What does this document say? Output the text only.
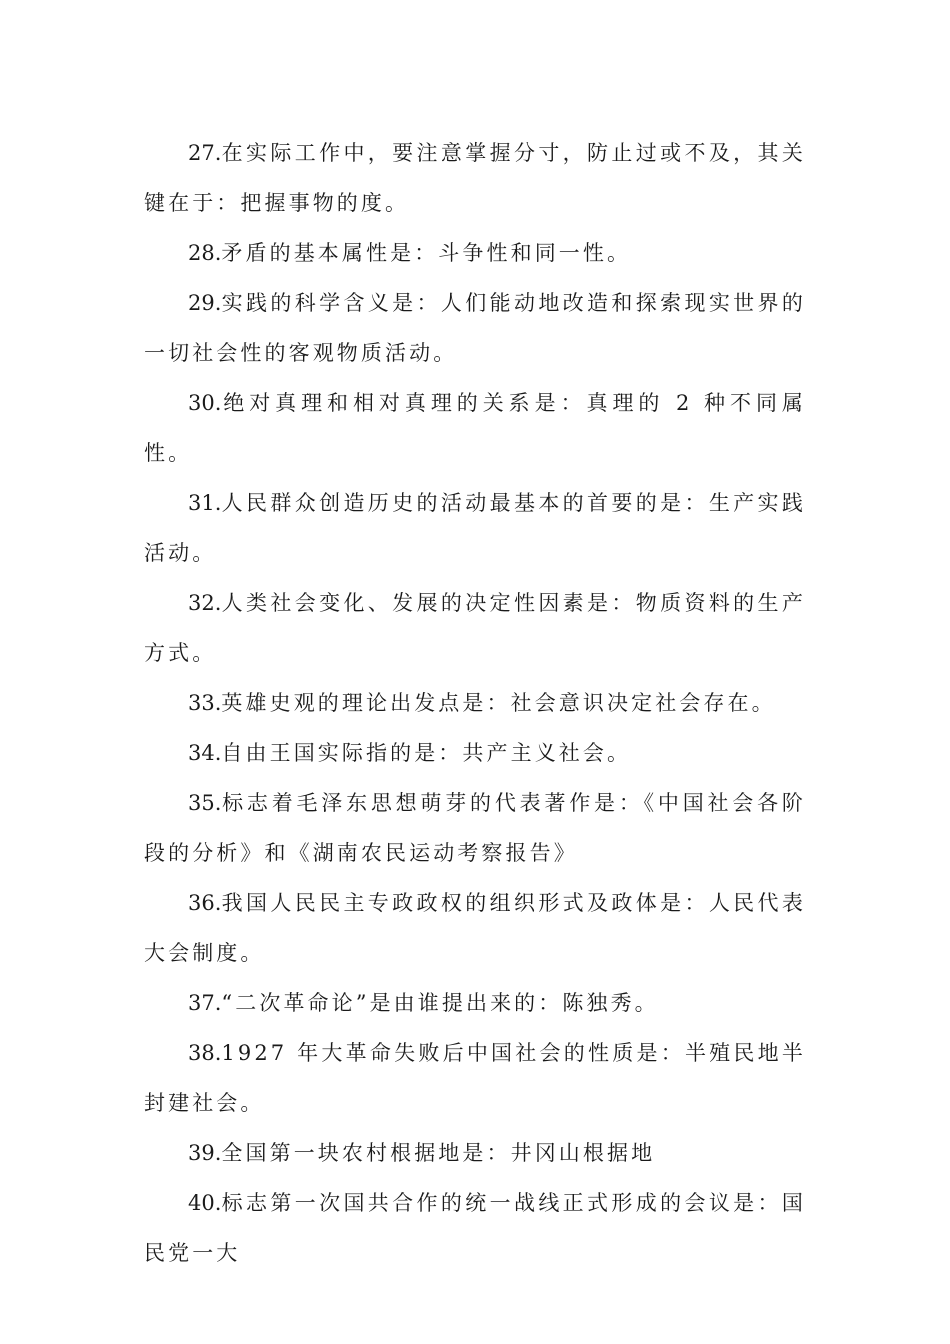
27.在实际工作中，要注意掌握分寸，防止过或不及，其关键在于：把握事物的度。

28.矛盾的基本属性是：斗争性和同一性。

29.实践的科学含义是：人们能动地改造和探索现实世界的一切社会性的客观物质活动。

30.绝对真理和相对真理的关系是：真理的 2 种不同属性。

31.人民群众创造历史的活动最基本的首要的是：生产实践活动。

32.人类社会变化、发展的决定性因素是：物质资料的生产方式。

33.英雄史观的理论出发点是：社会意识决定社会存在。

34.自由王国实际指的是：共产主义社会。

35.标志着毛泽东思想萌芽的代表著作是：《中国社会各阶段的分析》和《湖南农民运动考察报告》

36.我国人民民主专政政权的组织形式及政体是：人民代表大会制度。

37.“二次革命论”是由谁提出来的：陈独秀。

38.1927 年大革命失败后中国社会的性质是：半殖民地半封建社会。

39.全国第一块农村根据地是：井冈山根据地

40.标志第一次国共合作的统一战线正式形成的会议是：国民党一大
